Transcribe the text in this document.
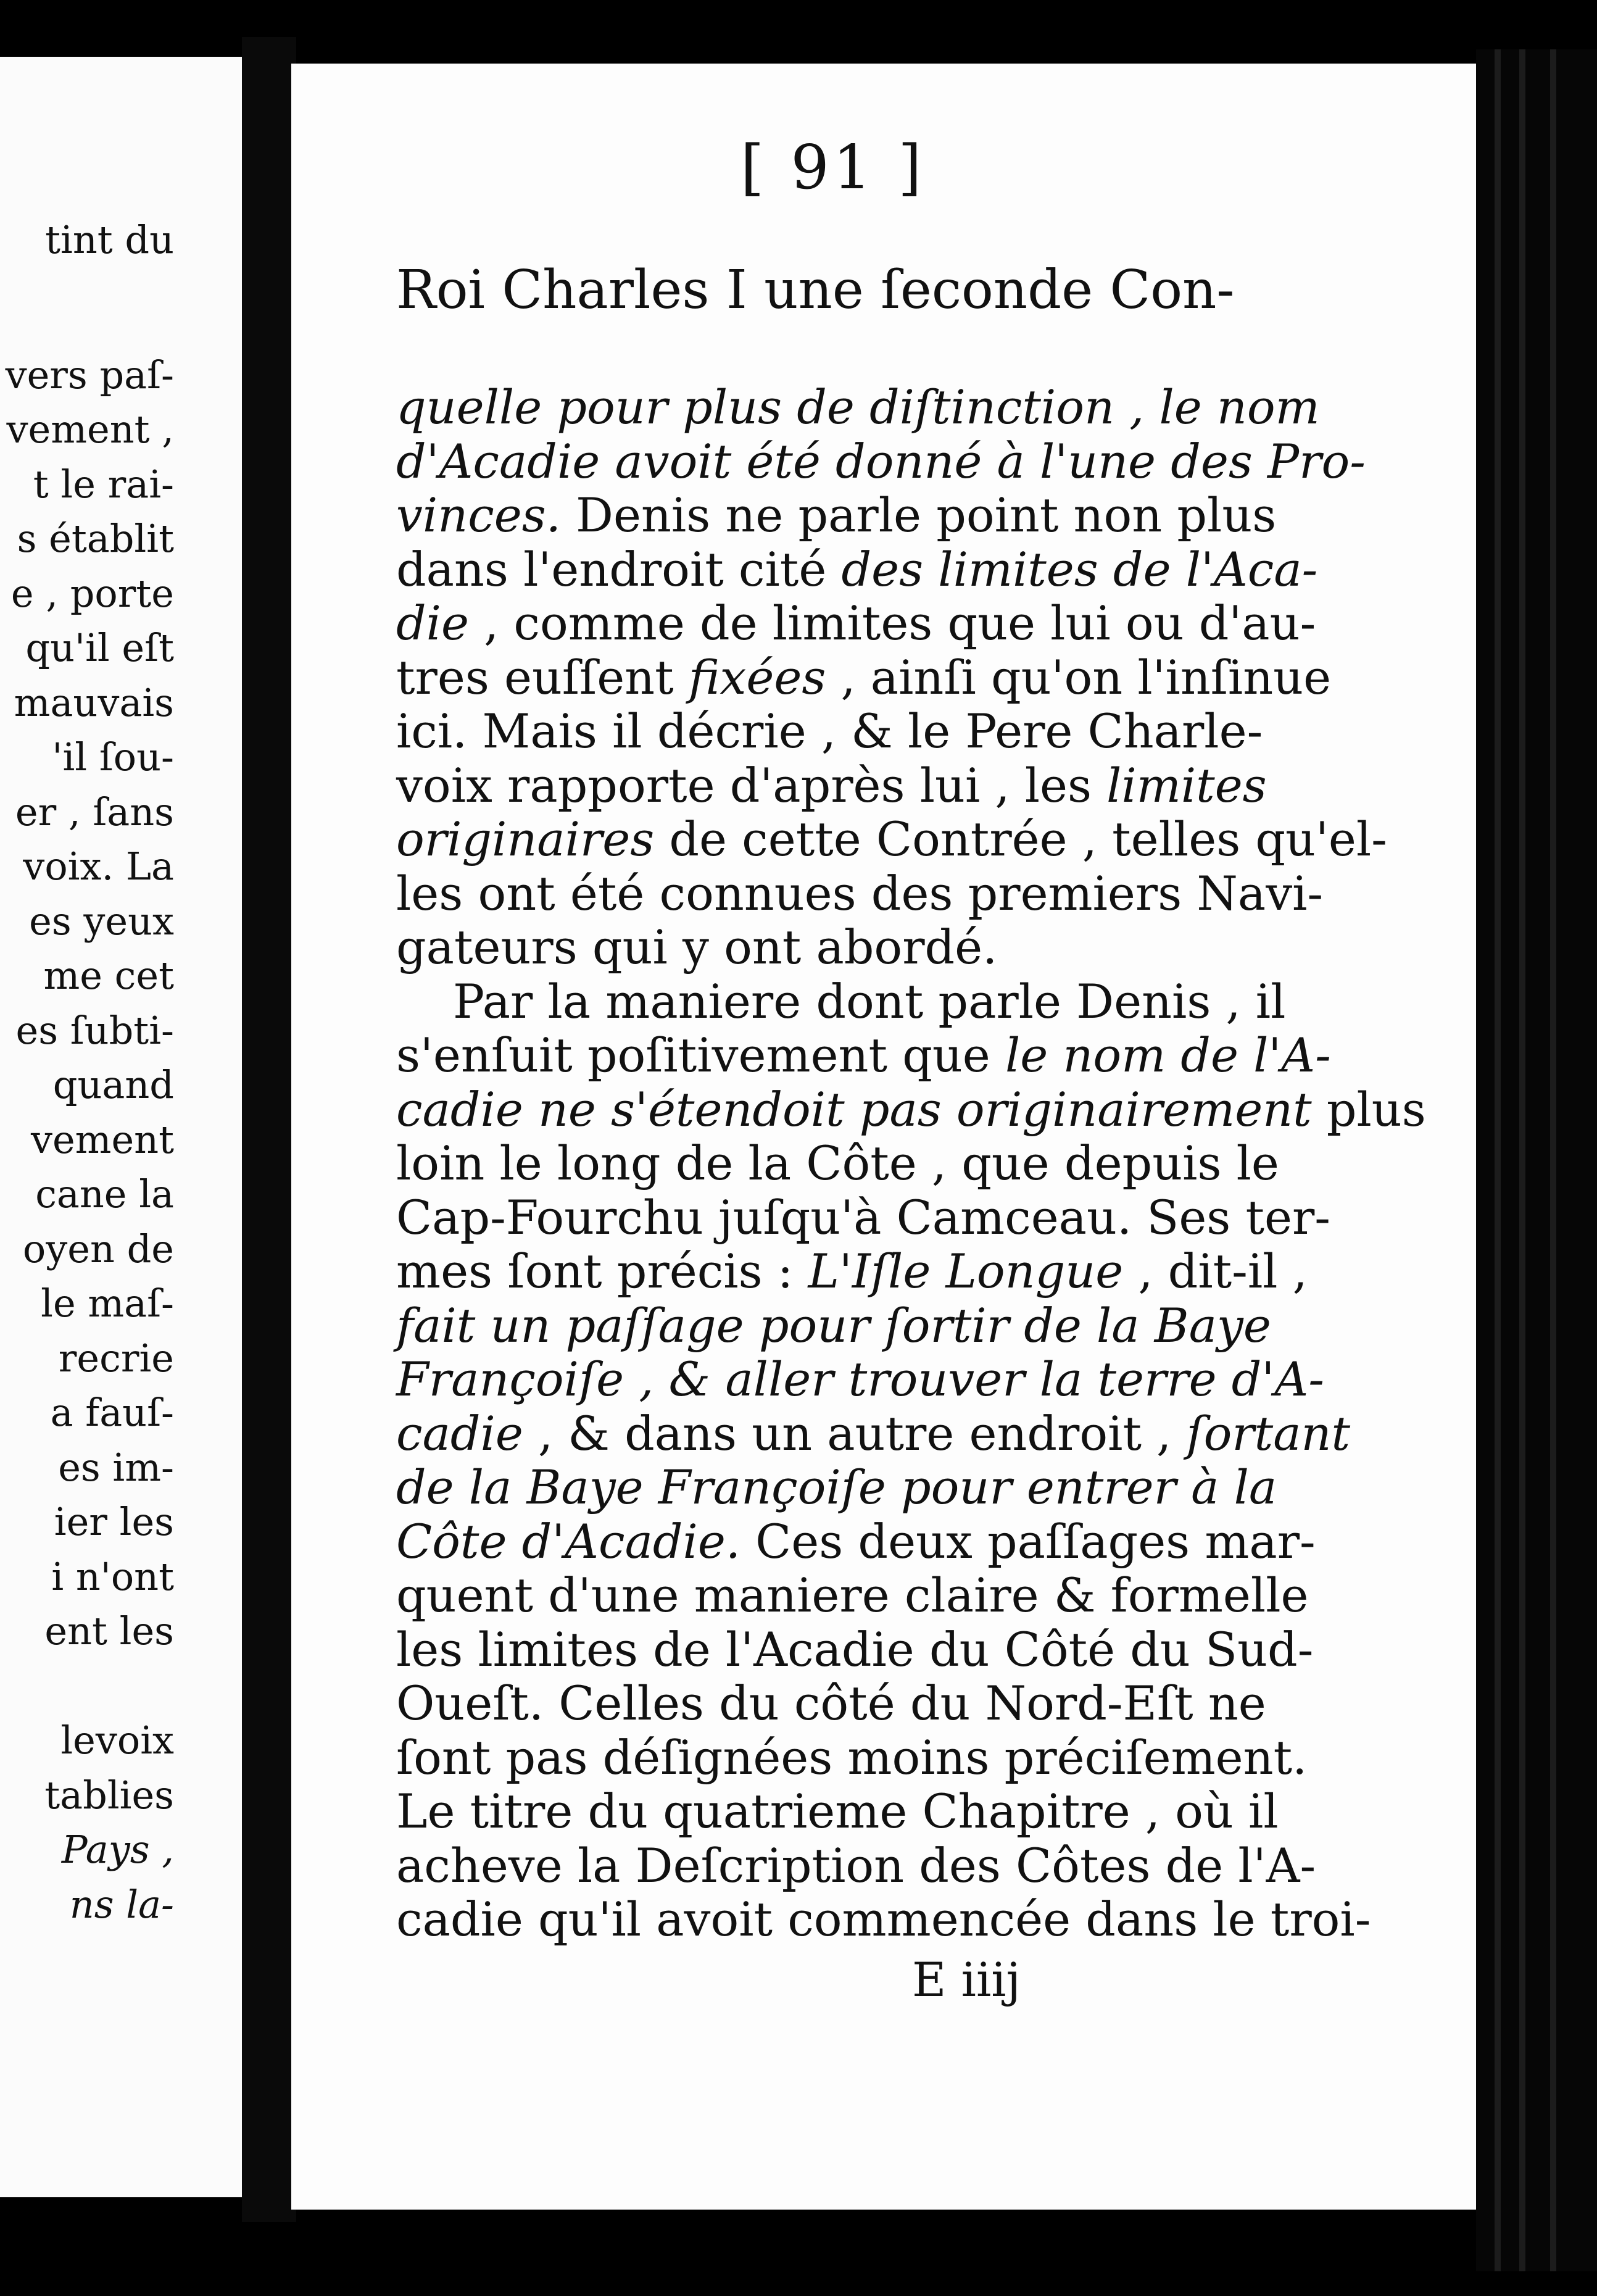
tint du
vers paſ-
vement ,
t le rai-
s établit
e , porte
qu'il eſt
mauvais
'il ſou-
er , ſans
voix. La
es yeux
me cet
es ſubti-
quand
vement
cane la
oyen de
le maſ-
recrie
a fauſ-
es im-
ier les
i n'ont
ent les
levoix
tablies
Pays ,
ns la-
[ 91 ]
Roi Charles I une ſeconde Con-
quelle pour plus de diſtinction , le nom
d'Acadie avoit été donné à l'une des Pro-
vinces. Denis ne parle point non plus
dans l'endroit cité des limites de l'Aca-
die , comme de limites que lui ou d'au-
tres euſſent fixées , ainſi qu'on l'inſinue
ici. Mais il décrie , & le Pere Charle-
voix rapporte d'après lui , les limites
originaires de cette Contrée , telles qu'el-
les ont été connues des premiers Navi-
gateurs qui y ont abordé.
Par la maniere dont parle Denis , il
s'enſuit poſitivement que le nom de l'A-
cadie ne s'étendoit pas originairement plus
loin le long de la Côte , que depuis le
Cap-Fourchu juſqu'à Camceau. Ses ter-
mes ſont précis : L'Iſle Longue , dit-il ,
fait un paſſage pour ſortir de la Baye
Françoiſe , & aller trouver la terre d'A-
cadie , & dans un autre endroit , ſortant
de la Baye Françoiſe pour entrer à la
Côte d'Acadie. Ces deux paſſages mar-
quent d'une maniere claire & formelle
les limites de l'Acadie du Côté du Sud-
Oueſt. Celles du côté du Nord-Eſt ne
ſont pas déſignées moins préciſement.
Le titre du quatrieme Chapitre , où il
acheve la Deſcription des Côtes de l'A-
cadie qu'il avoit commencée dans le troi-
E iiij
